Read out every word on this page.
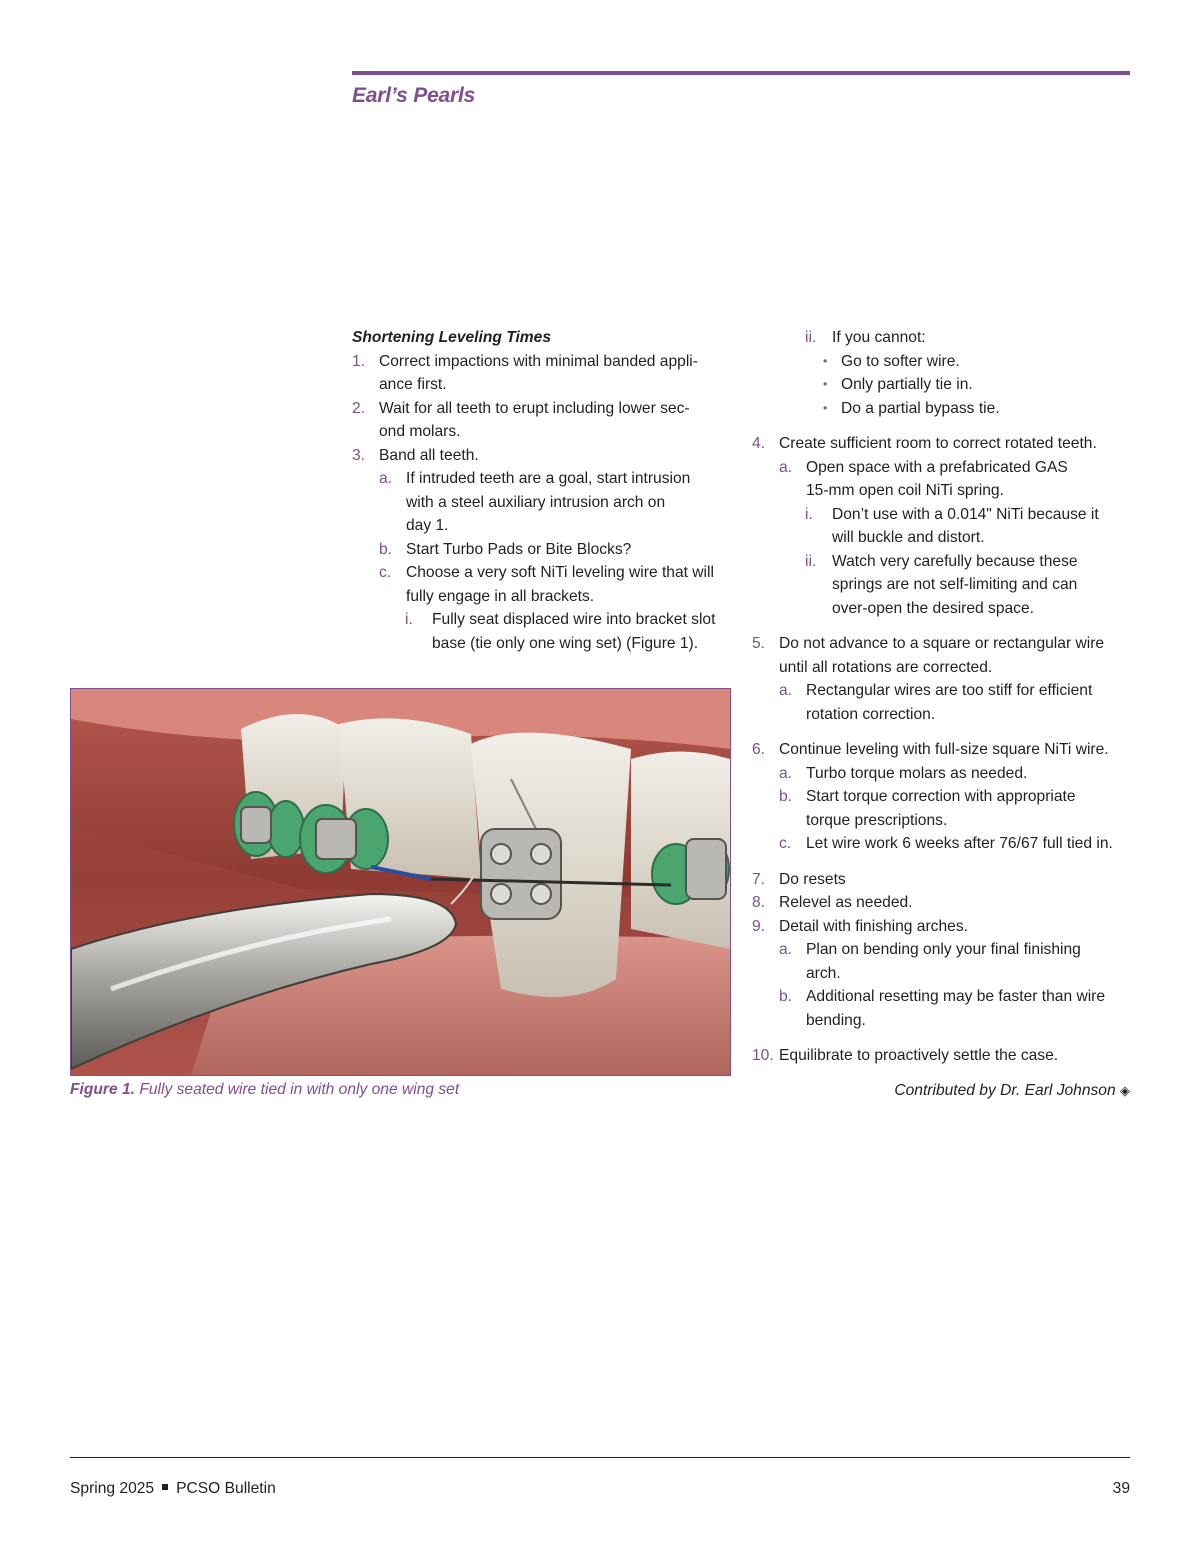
Earl’s Pearls
Shortening Leveling Times
1. Correct impactions with minimal banded appli-
ance first.
2. Wait for all teeth to erupt including lower sec-
ond molars.
3. Band all teeth.
a. If intruded teeth are a goal, start intrusion
with a steel auxiliary intrusion arch on
day 1.
b. Start Turbo Pads or Bite Blocks?
c. Choose a very soft NiTi leveling wire that will
fully engage in all brackets.
i. Fully seat displaced wire into bracket slot
base (tie only one wing set) (Figure 1).
ii. If you cannot:
• Go to softer wire.
• Only partially tie in.
• Do a partial bypass tie.
4. Create sufficient room to correct rotated teeth.
a. Open space with a prefabricated GAS
15-mm open coil NiTi spring.
i. Don’t use with a 0.014" NiTi because it
will buckle and distort.
ii. Watch very carefully because these
springs are not self-limiting and can
over-open the desired space.
5. Do not advance to a square or rectangular wire
until all rotations are corrected.
a. Rectangular wires are too stiff for efficient
rotation correction.
6. Continue leveling with full-size square NiTi wire.
a. Turbo torque molars as needed.
b. Start torque correction with appropriate
torque prescriptions.
c. Let wire work 6 weeks after 76/67 full tied in.
7. Do resets
8. Relevel as needed.
9. Detail with finishing arches.
a. Plan on bending only your final finishing
arch.
b. Additional resetting may be faster than wire
bending.
10. Equilibrate to proactively settle the case.
Contributed by Dr. Earl Johnson ◈
Figure 1. Fully seated wire tied in with only one wing set
Spring 2025 PCSO Bulletin	39
